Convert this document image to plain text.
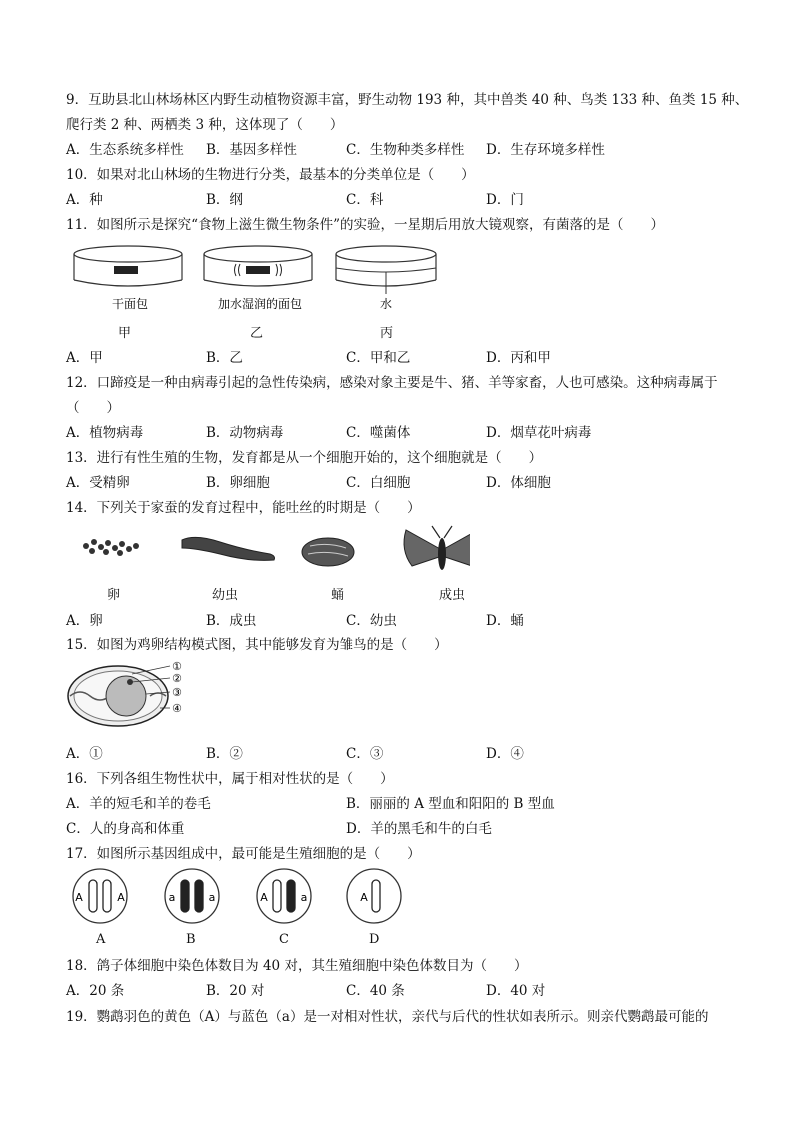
9．互助县北山林场林区内野生动植物资源丰富，野生动物 193 种，其中兽类 40 种、鸟类 133 种、鱼类 15 种、
爬行类 2 种、两栖类 3 种，这体现了（　　）
A．生态系统多样性 B．基因多样性	C．生物种类多样性 D．生存环境多样性
10．如果对北山林场的生物进行分类，最基本的分类单位是（　　）
A．种	B．纲	C．科	D．门
11．如图所示是探究“食物上滋生微生物条件”的实验，一星期后用放大镜观察，有菌落的是（　　）
干面包	加水湿润的面包	水
甲	乙	丙
A．甲	B．乙	C．甲和乙	D．丙和甲
12．口蹄疫是一种由病毒引起的急性传染病，感染对象主要是牛、猪、羊等家畜，人也可感染。这种病毒属于
（　　）
A．植物病毒	B．动物病毒	C．噬菌体	D．烟草花叶病毒
13．进行有性生殖的生物，发育都是从一个细胞开始的，这个细胞就是（　　）
A．受精卵	B．卵细胞	C．白细胞	D．体细胞
14．下列关于家蚕的发育过程中，能吐丝的时期是（　　）
卵	幼虫	蛹	成虫
A．卵	B．成虫	C．幼虫	D．蛹
15．如图为鸡卵结构模式图，其中能够发育为雏鸟的是（　　）
①
②
③
④
A．①	B．②	C．③	D．④
16．下列各组生物性状中，属于相对性状的是（　　）
A．羊的短毛和羊的卷毛	B．丽丽的 A 型血和阳阳的 B 型血
C．人的身高和体重	D．羊的黑毛和牛的白毛
17．如图所示基因组成中，最可能是生殖细胞的是（　　）
A	A	a	a	A	a	A
A	B	C	D
18．鸽子体细胞中染色体数目为 40 对，其生殖细胞中染色体数目为（　　）
A．20 条	B．20 对	C．40 条	D．40 对
19．鹦鹉羽色的黄色（A）与蓝色（a）是一对相对性状，亲代与后代的性状如表所示。则亲代鹦鹉最可能的
